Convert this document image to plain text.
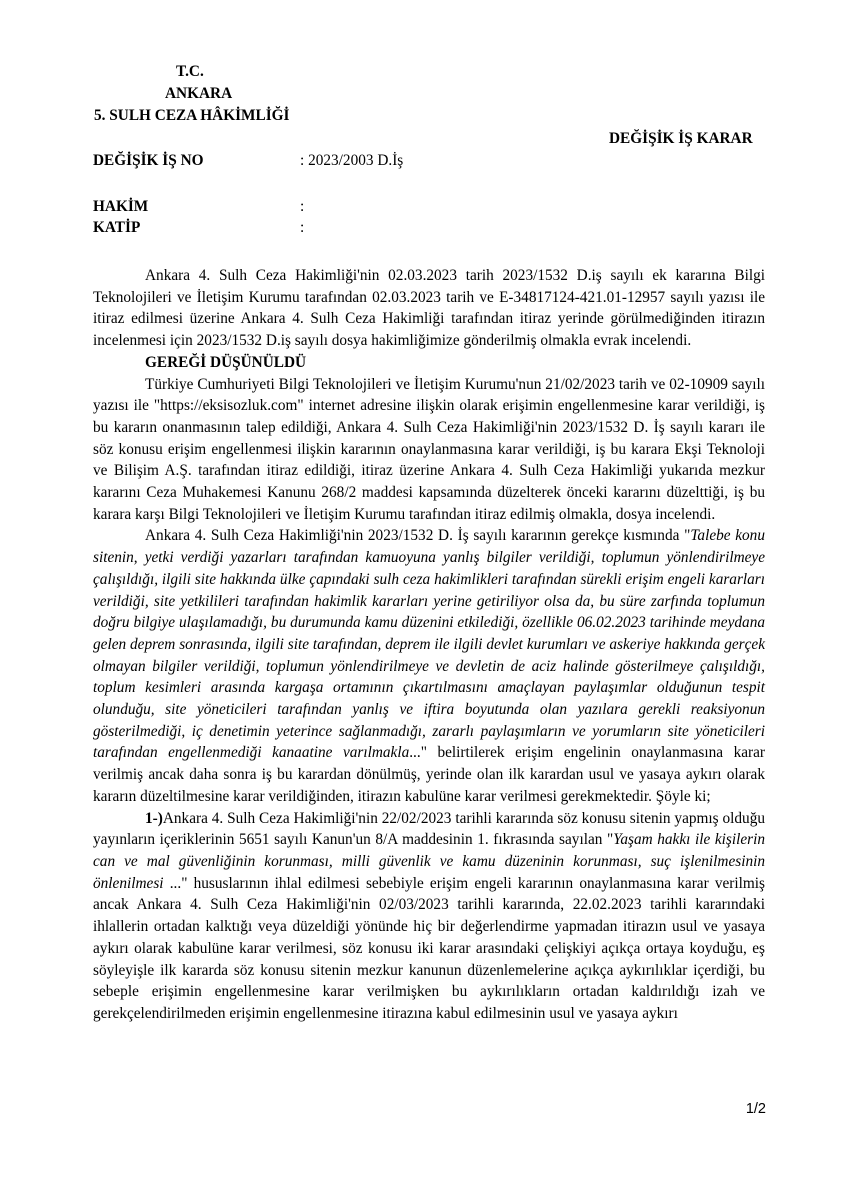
T.C.
ANKARA
5. SULH CEZA HÂKİMLİĞİ
DEĞİŞİK İŞ KARAR
DEĞİŞİK İŞ NO	: 2023/2003 D.İş
HAKİM	:
KATİP	:

Ankara 4. Sulh Ceza Hakimliği'nin 02.03.2023 tarih 2023/1532 D.iş sayılı ek kararına Bilgi Teknolojileri ve İletişim Kurumu tarafından 02.03.2023 tarih ve E-34817124-421.01-12957 sayılı yazısı ile itiraz edilmesi üzerine Ankara 4. Sulh Ceza Hakimliği tarafından itiraz yerinde görülmediğinden itirazın incelenmesi için 2023/1532 D.iş sayılı dosya hakimliğimize gönderilmiş olmakla evrak incelendi.

GEREĞİ DÜŞÜNÜLDÜ

Türkiye Cumhuriyeti Bilgi Teknolojileri ve İletişim Kurumu'nun 21/02/2023 tarih ve 02-10909 sayılı yazısı ile "https://eksisozluk.com" internet adresine ilişkin olarak erişimin engellenmesine karar verildiği, iş bu kararın onanmasının talep edildiği, Ankara 4. Sulh Ceza Hakimliği'nin 2023/1532 D. İş sayılı kararı ile söz konusu erişim engellenmesi ilişkin kararının onaylanmasına karar verildiği, iş bu karara Ekşi Teknoloji ve Bilişim A.Ş. tarafından itiraz edildiği, itiraz üzerine Ankara 4. Sulh Ceza Hakimliği yukarıda mezkur kararını Ceza Muhakemesi Kanunu 268/2 maddesi kapsamında düzelterek önceki kararını düzelttiği, iş bu karara karşı Bilgi Teknolojileri ve İletişim Kurumu tarafından itiraz edilmiş olmakla, dosya incelendi.

Ankara 4. Sulh Ceza Hakimliği'nin 2023/1532 D. İş sayılı kararının gerekçe kısmında "Talebe konu sitenin, yetki verdiği yazarları tarafından kamuoyuna yanlış bilgiler verildiği, toplumun yönlendirilmeye çalışıldığı, ilgili site hakkında ülke çapındaki sulh ceza hakimlikleri tarafından sürekli erişim engeli kararları verildiği, site yetkilileri tarafından hakimlik kararları yerine getiriliyor olsa da, bu süre zarfında toplumun doğru bilgiye ulaşılamadığı, bu durumunda kamu düzenini etkilediği, özellikle 06.02.2023 tarihinde meydana gelen deprem sonrasında, ilgili site tarafından, deprem ile ilgili devlet kurumları ve askeriye hakkında gerçek olmayan bilgiler verildiği, toplumun yönlendirilmeye ve devletin de aciz halinde gösterilmeye çalışıldığı, toplum kesimleri arasında kargaşa ortamının çıkartılmasını amaçlayan paylaşımlar olduğunun tespit olunduğu, site yöneticileri tarafından yanlış ve iftira boyutunda olan yazılara gerekli reaksiyonun gösterilmediği, iç denetimin yeterince sağlanmadığı, zararlı paylaşımların ve yorumların site yöneticileri tarafından engellenmediği kanaatine varılmakla..." belirtilerek erişim engelinin onaylanmasına karar verilmiş ancak daha sonra iş bu karardan dönülmüş, yerinde olan ilk karardan usul ve yasaya aykırı olarak kararın düzeltilmesine karar verildiğinden, itirazın kabulüne karar verilmesi gerekmektedir. Şöyle ki;

1-)Ankara 4. Sulh Ceza Hakimliği'nin 22/02/2023 tarihli kararında söz konusu sitenin yapmış olduğu yayınların içeriklerinin 5651 sayılı Kanun'un 8/A maddesinin 1. fıkrasında sayılan "Yaşam hakkı ile kişilerin can ve mal güvenliğinin korunması, milli güvenlik ve kamu düzeninin korunması, suç işlenilmesinin önlenilmesi ..." hususlarının ihlal edilmesi sebebiyle erişim engeli kararının onaylanmasına karar verilmiş ancak Ankara 4. Sulh Ceza Hakimliği'nin 02/03/2023 tarihli kararında, 22.02.2023 tarihli kararındaki ihlallerin ortadan kalktığı veya düzeldiği yönünde hiç bir değerlendirme yapmadan itirazın usul ve yasaya aykırı olarak kabulüne karar verilmesi, söz konusu iki karar arasındaki çelişkiyi açıkça ortaya koyduğu, eş söyleyişle ilk kararda söz konusu sitenin mezkur kanunun düzenlemelerine açıkça aykırılıklar içerdiği, bu sebeple erişimin engellenmesine karar verilmişken bu aykırılıkların ortadan kaldırıldığı izah ve gerekçelendirilmeden erişimin engellenmesine itirazına kabul edilmesinin usul ve yasaya aykırı

1/2
